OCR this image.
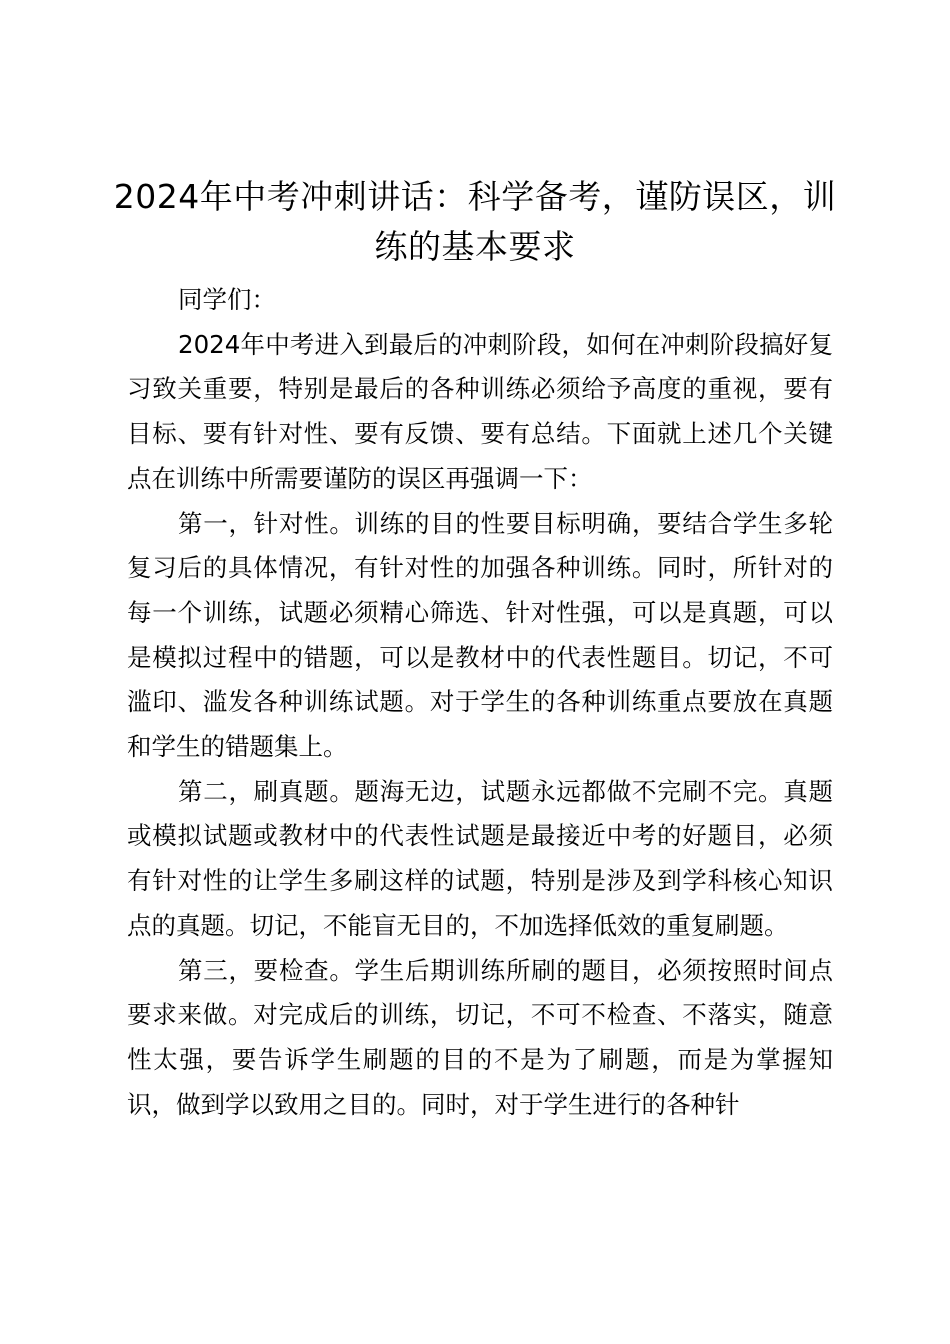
2024年中考冲刺讲话：科学备考，谨防误区，训练的基本要求

同学们：

2024年中考进入到最后的冲刺阶段，如何在冲刺阶段搞好复习致关重要，特别是最后的各种训练必须给予高度的重视，要有目标、要有针对性、要有反馈、要有总结。下面就上述几个关键点在训练中所需要谨防的误区再强调一下：

第一，针对性。训练的目的性要目标明确，要结合学生多轮复习后的具体情况，有针对性的加强各种训练。同时，所针对的每一个训练，试题必须精心筛选、针对性强，可以是真题，可以是模拟过程中的错题，可以是教材中的代表性题目。切记，不可滥印、滥发各种训练试题。对于学生的各种训练重点要放在真题和学生的错题集上。

第二，刷真题。题海无边，试题永远都做不完刷不完。真题或模拟试题或教材中的代表性试题是最接近中考的好题目，必须有针对性的让学生多刷这样的试题，特别是涉及到学科核心知识点的真题。切记，不能盲无目的，不加选择低效的重复刷题。

第三，要检查。学生后期训练所刷的题目，必须按照时间点要求来做。对完成后的训练，切记，不可不检查、不落实，随意性太强，要告诉学生刷题的目的不是为了刷题，而是为掌握知识，做到学以致用之目的。同时，对于学生进行的各种针
